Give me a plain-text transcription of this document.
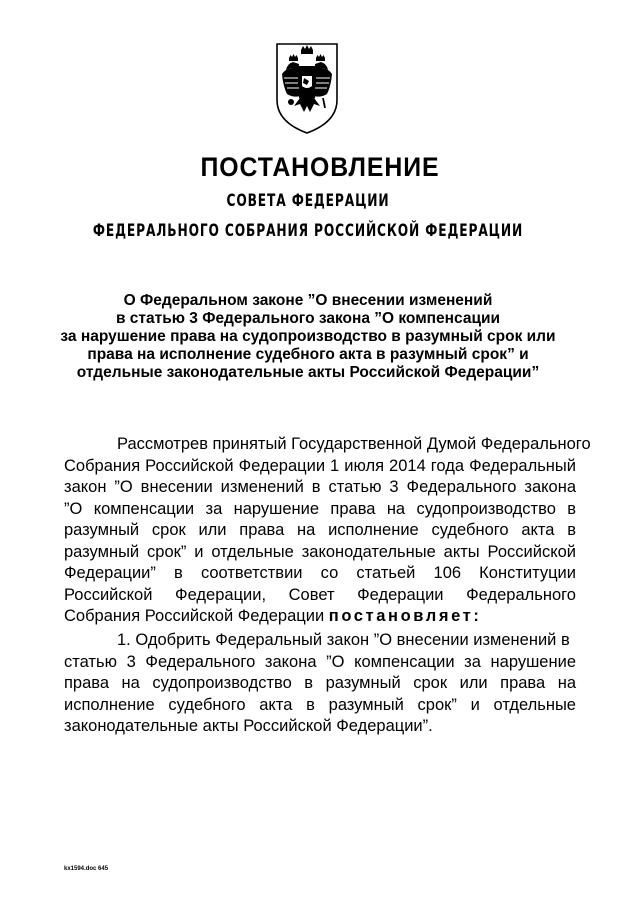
ПОСТАНОВЛЕНИЕ
СОВЕТА ФЕДЕРАЦИИ
ФЕДЕРАЛЬНОГО СОБРАНИЯ РОССИЙСКОЙ ФЕДЕРАЦИИ
О Федеральном законе ”О внесении изменений
в статью 3 Федерального закона ”О компенсации
за нарушение права на судопроизводство в разумный срок или
права на исполнение судебного акта в разумный срок” и
отдельные законодательные акты Российской Федерации”
Рассмотрев принятый Государственной Думой Федерального
Собрания Российской Федерации 1 июля 2014 года Федеральный
закон ”О внесении изменений в статью 3 Федерального закона
”О компенсации за нарушение права на судопроизводство в
разумный срок или права на исполнение судебного акта в
разумный срок” и отдельные законодательные акты Российской
Федерации” в соответствии со статьей 106 Конституции
Российской Федерации, Совет Федерации Федерального
Собрания Российской Федерации постановляет:
1. Одобрить Федеральный закон ”О внесении изменений в
статью 3 Федерального закона ”О компенсации за нарушение
права на судопроизводство в разумный срок или права на
исполнение судебного акта в разумный срок” и отдельные
законодательные акты Российской Федерации”.
kx1594.doc 645
